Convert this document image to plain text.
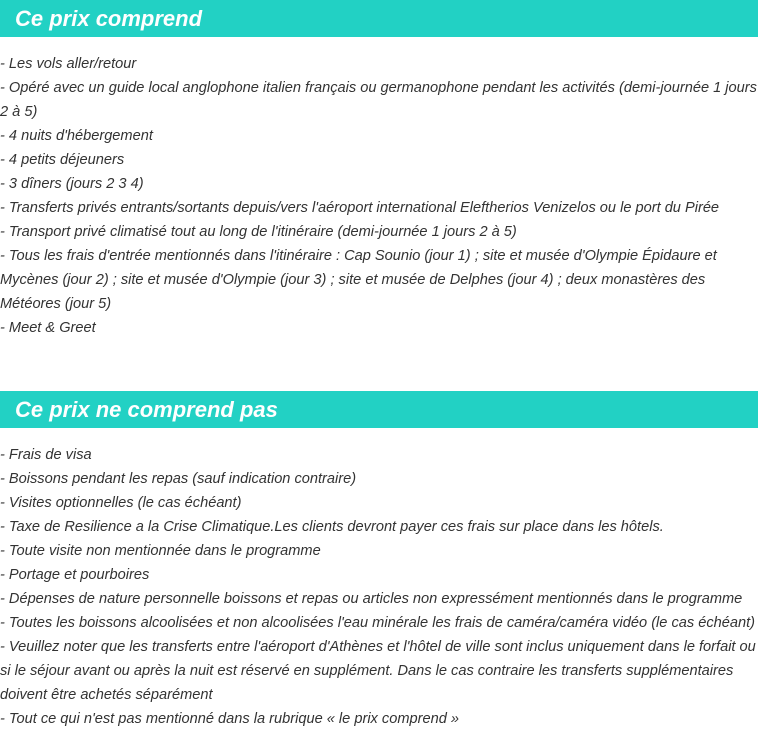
Ce prix comprend
- Les vols aller/retour
- Opéré avec un guide local anglophone italien français ou germanophone pendant les activités (demi-journée 1 jours 2 à 5)
- 4 nuits d'hébergement
- 4 petits déjeuners
- 3 dîners (jours 2 3 4)
- Transferts privés entrants/sortants depuis/vers l'aéroport international Eleftherios Venizelos ou le port du Pirée
- Transport privé climatisé tout au long de l'itinéraire (demi-journée 1 jours 2 à 5)
- Tous les frais d'entrée mentionnés dans l'itinéraire : Cap Sounio (jour 1) ; site et musée d'Olympie Épidaure et Mycènes (jour 2) ; site et musée d'Olympie (jour 3) ; site et musée de Delphes (jour 4) ; deux monastères des Météores (jour 5)
- Meet & Greet
Ce prix ne comprend pas
- Frais de visa
- Boissons pendant les repas (sauf indication contraire)
- Visites optionnelles (le cas échéant)
- Taxe de Resilience a la Crise Climatique.Les clients devront payer ces frais sur place dans les hôtels.
- Toute visite non mentionnée dans le programme
- Portage et pourboires
- Dépenses de nature personnelle boissons et repas ou articles non expressément mentionnés dans le programme
- Toutes les boissons alcoolisées et non alcoolisées l'eau minérale les frais de caméra/caméra vidéo (le cas échéant)
- Veuillez noter que les transferts entre l'aéroport d'Athènes et l'hôtel de ville sont inclus uniquement dans le forfait ou si le séjour avant ou après la nuit est réservé en supplément. Dans le cas contraire les transferts supplémentaires doivent être achetés séparément
- Tout ce qui n'est pas mentionné dans la rubrique « le prix comprend »
